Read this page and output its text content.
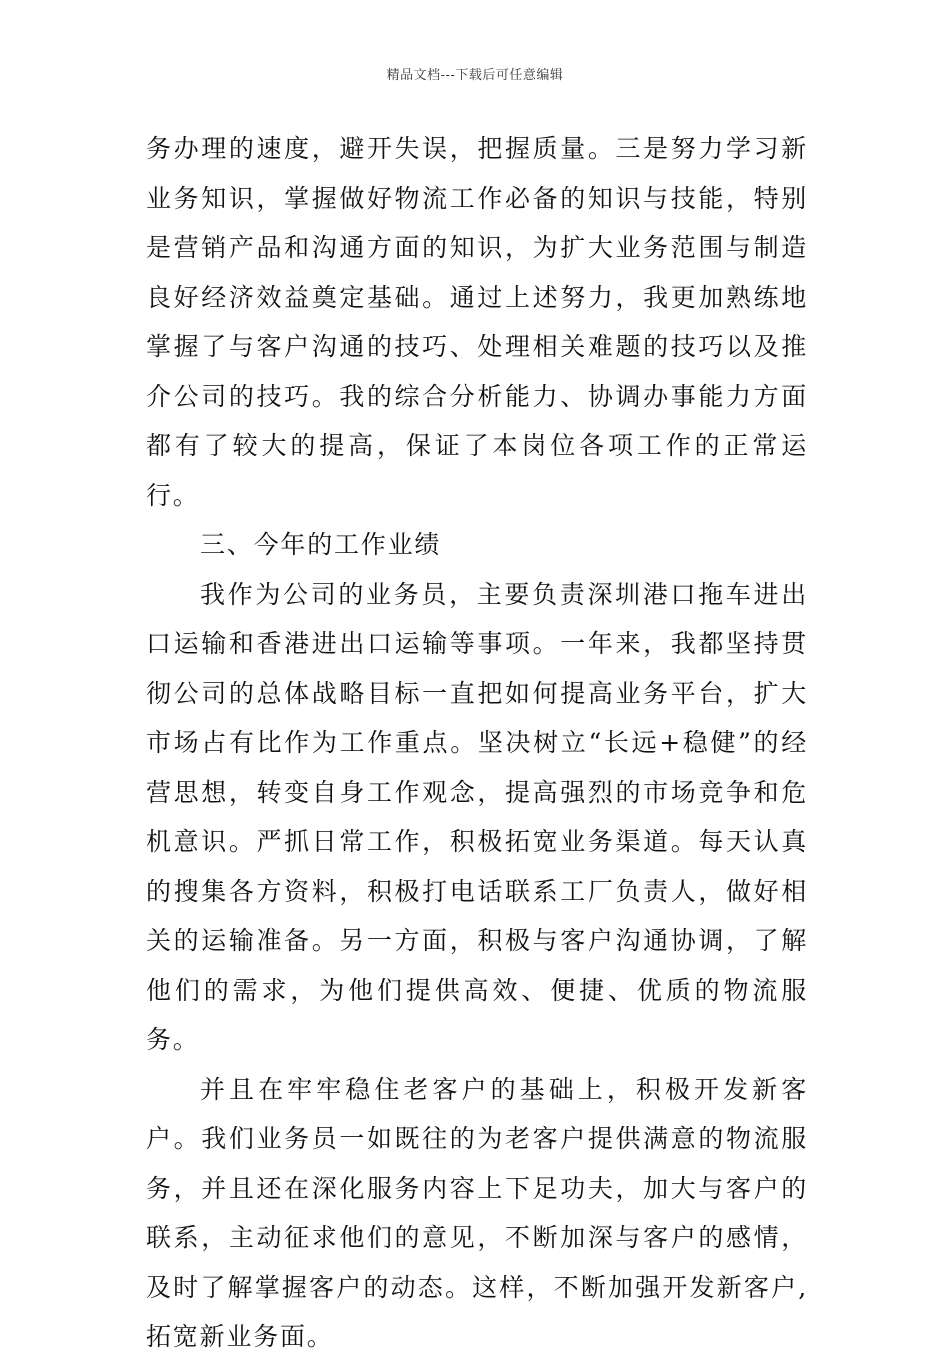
精品文档---下载后可任意编辑

务办理的速度，避开失误，把握质量。三是努力学习新业务知识，掌握做好物流工作必备的知识与技能，特别是营销产品和沟通方面的知识，为扩大业务范围与制造良好经济效益奠定基础。通过上述努力，我更加熟练地掌握了与客户沟通的技巧、处理相关难题的技巧以及推介公司的技巧。我的综合分析能力、协调办事能力方面都有了较大的提高，保证了本岗位各项工作的正常运行。

三、今年的工作业绩

我作为公司的业务员，主要负责深圳港口拖车进出口运输和香港进出口运输等事项。一年来，我都坚持贯彻公司的总体战略目标一直把如何提高业务平台，扩大市场占有比作为工作重点。坚决树立“长远+稳健”的经营思想，转变自身工作观念，提高强烈的市场竞争和危机意识。严抓日常工作，积极拓宽业务渠道。每天认真的搜集各方资料，积极打电话联系工厂负责人，做好相关的运输准备。另一方面，积极与客户沟通协调，了解他们的需求，为他们提供高效、便捷、优质的物流服务。

并且在牢牢稳住老客户的基础上，积极开发新客户。我们业务员一如既往的为老客户提供满意的物流服务，并且还在深化服务内容上下足功夫，加大与客户的联系，主动征求他们的意见，不断加深与客户的感情，及时了解掌握客户的动态。这样，不断加强开发新客户,拓宽新业务面。
